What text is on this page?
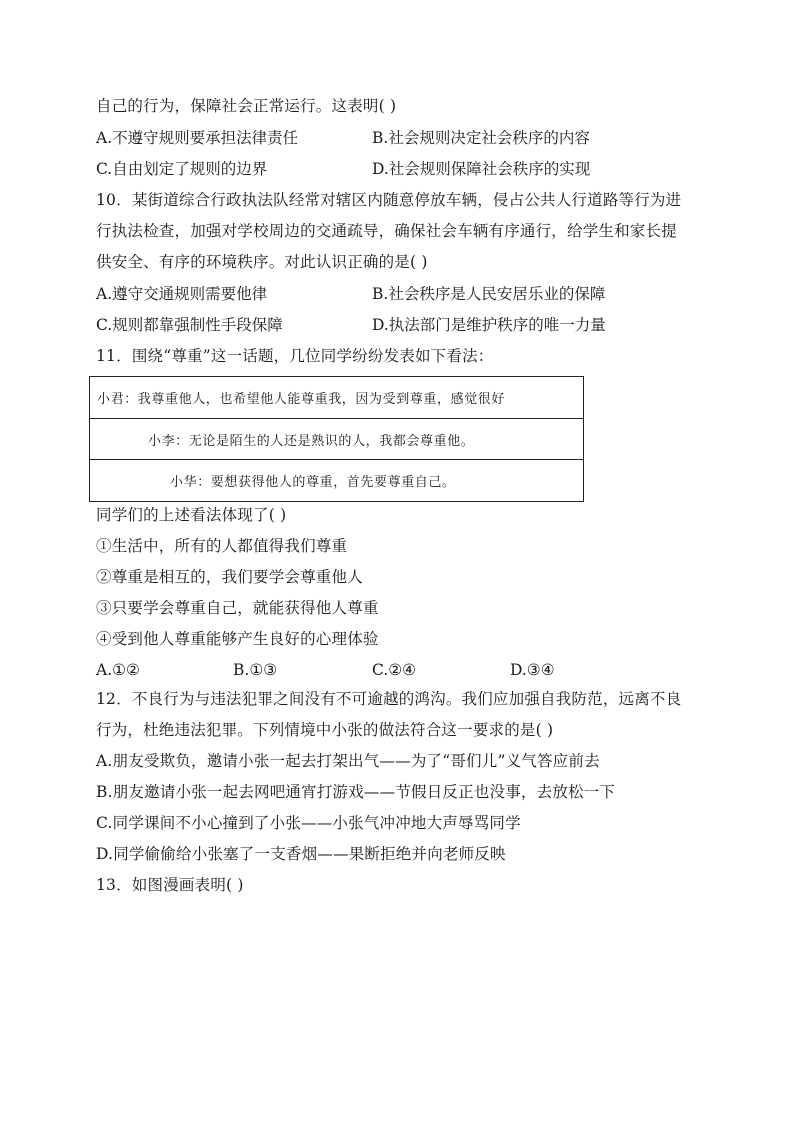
自己的行为，保障社会正常运行。这表明( )
A.不遵守规则要承担法律责任	B.社会规则决定社会秩序的内容
C.自由划定了规则的边界	D.社会规则保障社会秩序的实现
10．某街道综合行政执法队经常对辖区内随意停放车辆，侵占公共人行道路等行为进
行执法检查，加强对学校周边的交通疏导，确保社会车辆有序通行，给学生和家长提
供安全、有序的环境秩序。对此认识正确的是( )
A.遵守交通规则需要他律	B.社会秩序是人民安居乐业的保障
C.规则都靠强制性手段保障	D.执法部门是维护秩序的唯一力量
11．围绕“尊重”这一话题，几位同学纷纷发表如下看法：
小君：我尊重他人，也希望他人能尊重我，因为受到尊重，感觉很好
小李：无论是陌生的人还是熟识的人，我都会尊重他。
小华：要想获得他人的尊重，首先要尊重自己。
同学们的上述看法体现了( )
①生活中，所有的人都值得我们尊重
②尊重是相互的，我们要学会尊重他人
③只要学会尊重自己，就能获得他人尊重
④受到他人尊重能够产生良好的心理体验
A.①②	B.①③	C.②④	D.③④
12．不良行为与违法犯罪之间没有不可逾越的鸿沟。我们应加强自我防范，远离不良
行为，杜绝违法犯罪。下列情境中小张的做法符合这一要求的是( )
A.朋友受欺负，邀请小张一起去打架出气——为了“哥们儿”义气答应前去
B.朋友邀请小张一起去网吧通宵打游戏——节假日反正也没事，去放松一下
C.同学课间不小心撞到了小张——小张气冲冲地大声辱骂同学
D.同学偷偷给小张塞了一支香烟——果断拒绝并向老师反映
13．如图漫画表明( )
